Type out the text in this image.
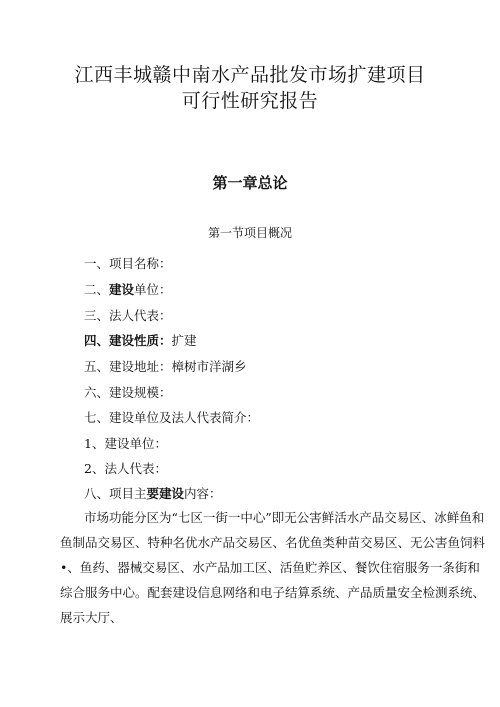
江西丰城赣中南水产品批发市场扩建项目
可行性研究报告
第一章总论
第一节项目概况
一、项目名称：
二、建设单位：
三、法人代表：
四、建设性质：扩建
五、建设地址：樟树市洋湖乡
六、建设规模：
七、建设单位及法人代表简介：
1、建设单位：
2、法人代表：
八、项目主要建设内容：
市场功能分区为“七区一街一中心”即无公害鲜活水产品交易区、冰鲜鱼和鱼制品交易区、特种名优水产品交易区、名优鱼类种苗交易区、无公害鱼饲料•、鱼药、器械交易区、水产品加工区、活鱼贮养区、餐饮住宿服务一条街和综合服务中心。配套建设信息网络和电子结算系统、产品质量安全检测系统、展示大厅、
